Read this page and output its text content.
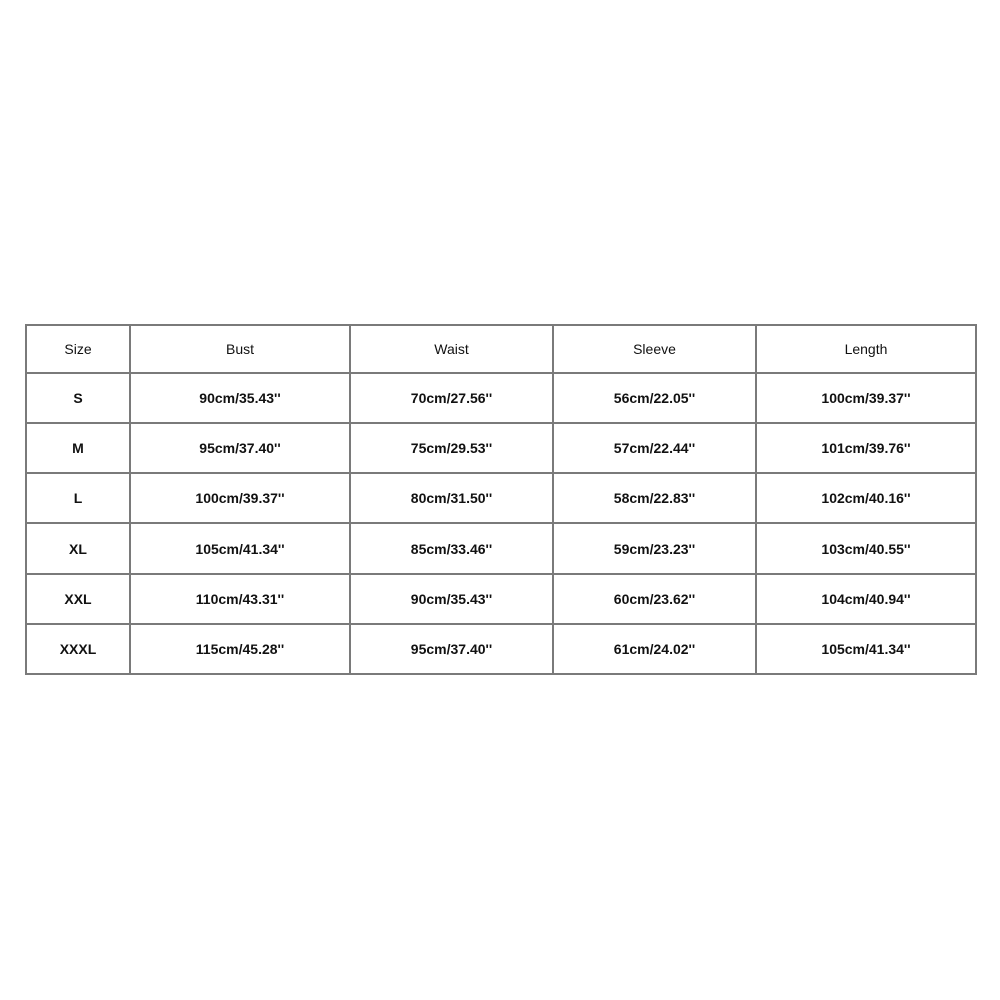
Size	Bust	Waist	Sleeve	Length
S	90cm/35.43''	70cm/27.56''	56cm/22.05''	100cm/39.37''
M	95cm/37.40''	75cm/29.53''	57cm/22.44''	101cm/39.76''
L	100cm/39.37''	80cm/31.50''	58cm/22.83''	102cm/40.16''
XL	105cm/41.34''	85cm/33.46''	59cm/23.23''	103cm/40.55''
XXL	110cm/43.31''	90cm/35.43''	60cm/23.62''	104cm/40.94''
XXXL	115cm/45.28''	95cm/37.40''	61cm/24.02''	105cm/41.34''
